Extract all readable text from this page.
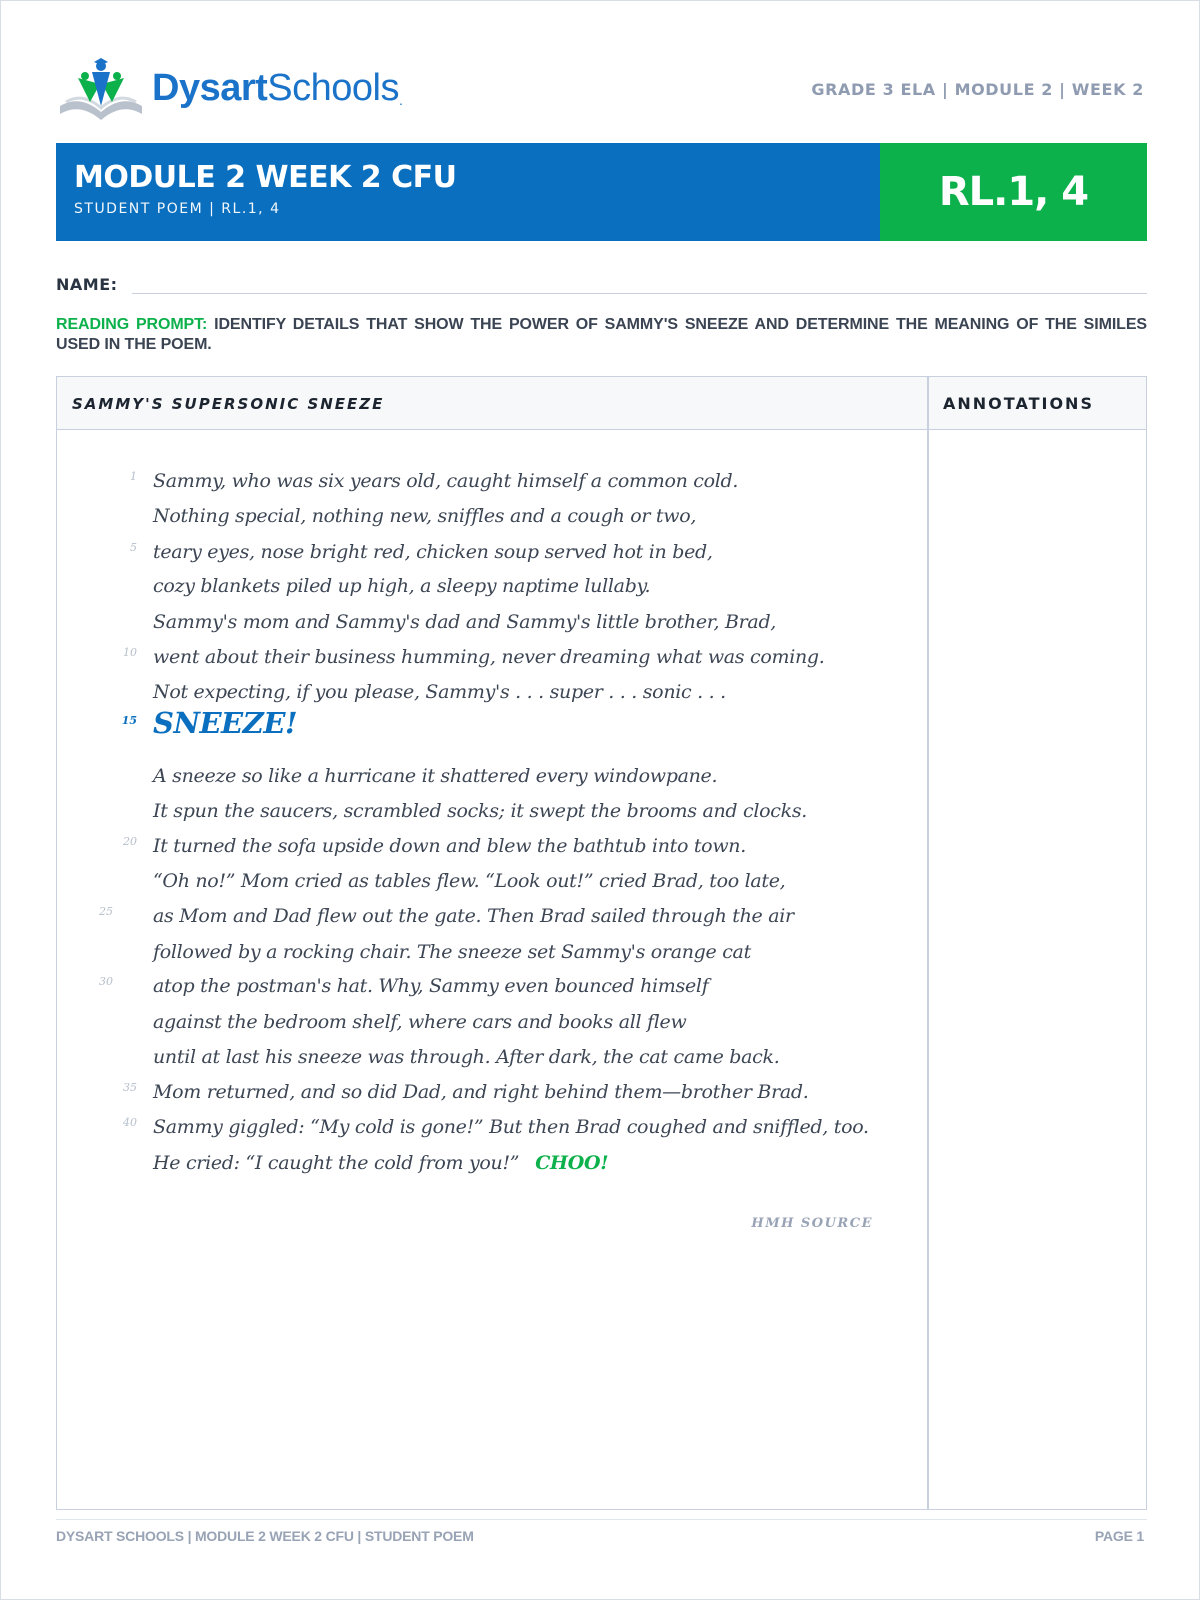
DysartSchools.
GRADE 3 ELA | MODULE 2 | WEEK 2
MODULE 2 WEEK 2 CFU
STUDENT POEM | RL.1, 4	RL.1, 4
NAME:
READING PROMPT: IDENTIFY DETAILS THAT SHOW THE POWER OF SAMMY'S SNEEZE AND DETERMINE THE MEANING OF THE SIMILES USED IN THE POEM.
SAMMY'S SUPERSONIC SNEEZE	ANNOTATIONS
1
5
10
15
20
25
30
35
40
Sammy, who was six years old, caught himself a common cold.
Nothing special, nothing new, sniffles and a cough or two,
teary eyes, nose bright red, chicken soup served hot in bed,
cozy blankets piled up high, a sleepy naptime lullaby.
Sammy's mom and Sammy's dad and Sammy's little brother, Brad,
went about their business humming, never dreaming what was coming.
Not expecting, if you please, Sammy's . . . super . . . sonic . . .
SNEEZE!
A sneeze so like a hurricane it shattered every windowpane.
It spun the saucers, scrambled socks; it swept the brooms and clocks.
It turned the sofa upside down and blew the bathtub into town.
“Oh no!” Mom cried as tables flew. “Look out!” cried Brad, too late,
as Mom and Dad flew out the gate. Then Brad sailed through the air
followed by a rocking chair. The sneeze set Sammy's orange cat
atop the postman's hat. Why, Sammy even bounced himself
against the bedroom shelf, where cars and books all flew
until at last his sneeze was through. After dark, the cat came back.
Mom returned, and so did Dad, and right behind them—brother Brad.
Sammy giggled: “My cold is gone!” But then Brad coughed and sniffled, too.
He cried: “I caught the cold from you!” CHOO!
HMH SOURCE
DYSART SCHOOLS | MODULE 2 WEEK 2 CFU | STUDENT POEM	PAGE 1
